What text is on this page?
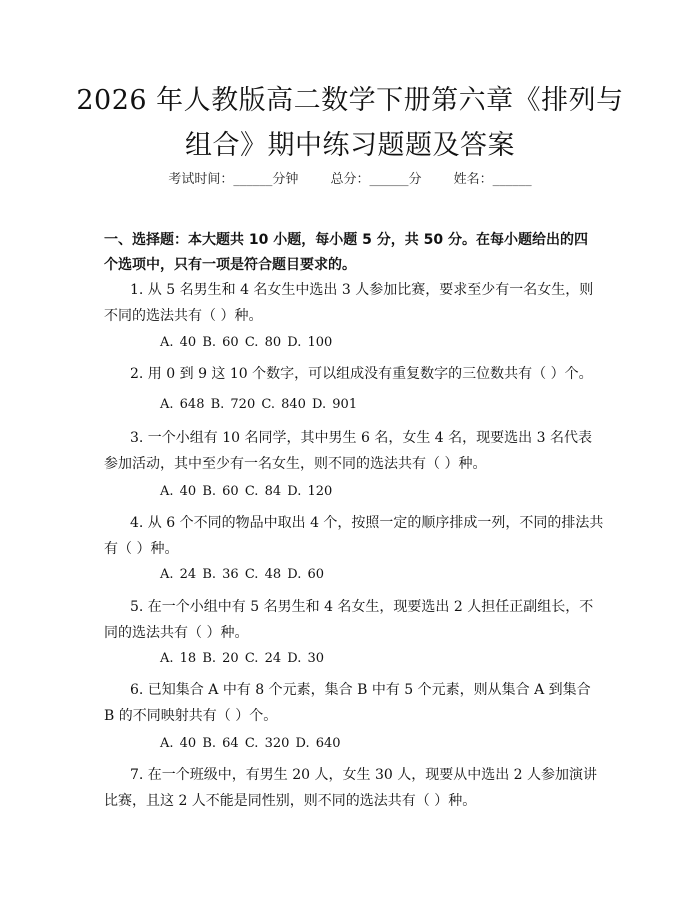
2026 年人教版高二数学下册第六章《排列与
组合》期中练习题题及答案
考试时间：______分钟 总分：______分 姓名：______
一、选择题：本大题共 10 小题，每小题 5 分，共 50 分。在每小题给出的四个选项中，只有一项是符合题目要求的。
1. 从 5 名男生和 4 名女生中选出 3 人参加比赛，要求至少有一名女生，则不同的选法共有（ ）种。
A. 40 B. 60 C. 80 D. 100
2. 用 0 到 9 这 10 个数字，可以组成没有重复数字的三位数共有（ ）个。
A. 648 B. 720 C. 840 D. 901
3. 一个小组有 10 名同学，其中男生 6 名，女生 4 名，现要选出 3 名代表参加活动，其中至少有一名女生，则不同的选法共有（ ）种。
A. 40 B. 60 C. 84 D. 120
4. 从 6 个不同的物品中取出 4 个，按照一定的顺序排成一列，不同的排法共有（ ）种。
A. 24 B. 36 C. 48 D. 60
5. 在一个小组中有 5 名男生和 4 名女生，现要选出 2 人担任正副组长，不同的选法共有（ ）种。
A. 18 B. 20 C. 24 D. 30
6. 已知集合 A 中有 8 个元素，集合 B 中有 5 个元素，则从集合 A 到集合 B 的不同映射共有（ ）个。
A. 40 B. 64 C. 320 D. 640
7. 在一个班级中，有男生 20 人，女生 30 人，现要从中选出 2 人参加演讲比赛，且这 2 人不能是同性别，则不同的选法共有（ ）种。
